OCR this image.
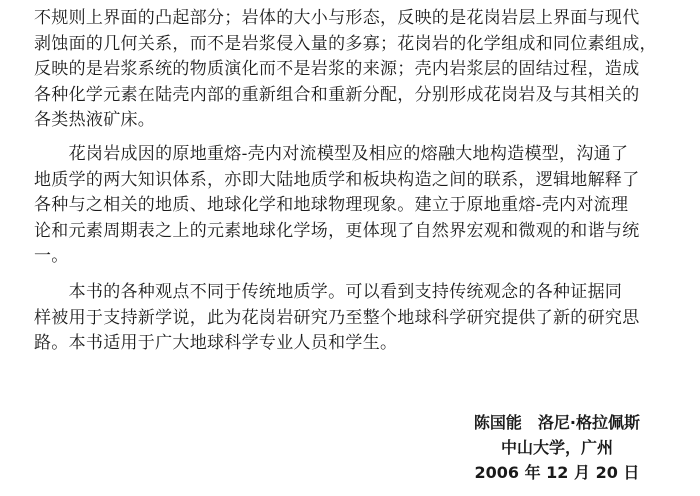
不规则上界面的凸起部分；岩体的大小与形态，反映的是花岗岩层上界面与现代
剥蚀面的几何关系，而不是岩浆侵入量的多寡；花岗岩的化学组成和同位素组成，
反映的是岩浆系统的物质演化而不是岩浆的来源；壳内岩浆层的固结过程，造成
各种化学元素在陆壳内部的重新组合和重新分配，分别形成花岗岩及与其相关的
各类热液矿床。
　　花岗岩成因的原地重熔-壳内对流模型及相应的熔融大地构造模型，沟通了
地质学的两大知识体系，亦即大陆地质学和板块构造之间的联系，逻辑地解释了
各种与之相关的地质、地球化学和地球物理现象。建立于原地重熔-壳内对流理
论和元素周期表之上的元素地球化学场，更体现了自然界宏观和微观的和谐与统
一。
　　本书的各种观点不同于传统地质学。可以看到支持传统观念的各种证据同
样被用于支持新学说，此为花岗岩研究乃至整个地球科学研究提供了新的研究思
路。本书适用于广大地球科学专业人员和学生。
陈国能　洛尼·格拉佩斯
中山大学，广州
2006 年 12 月 20 日
